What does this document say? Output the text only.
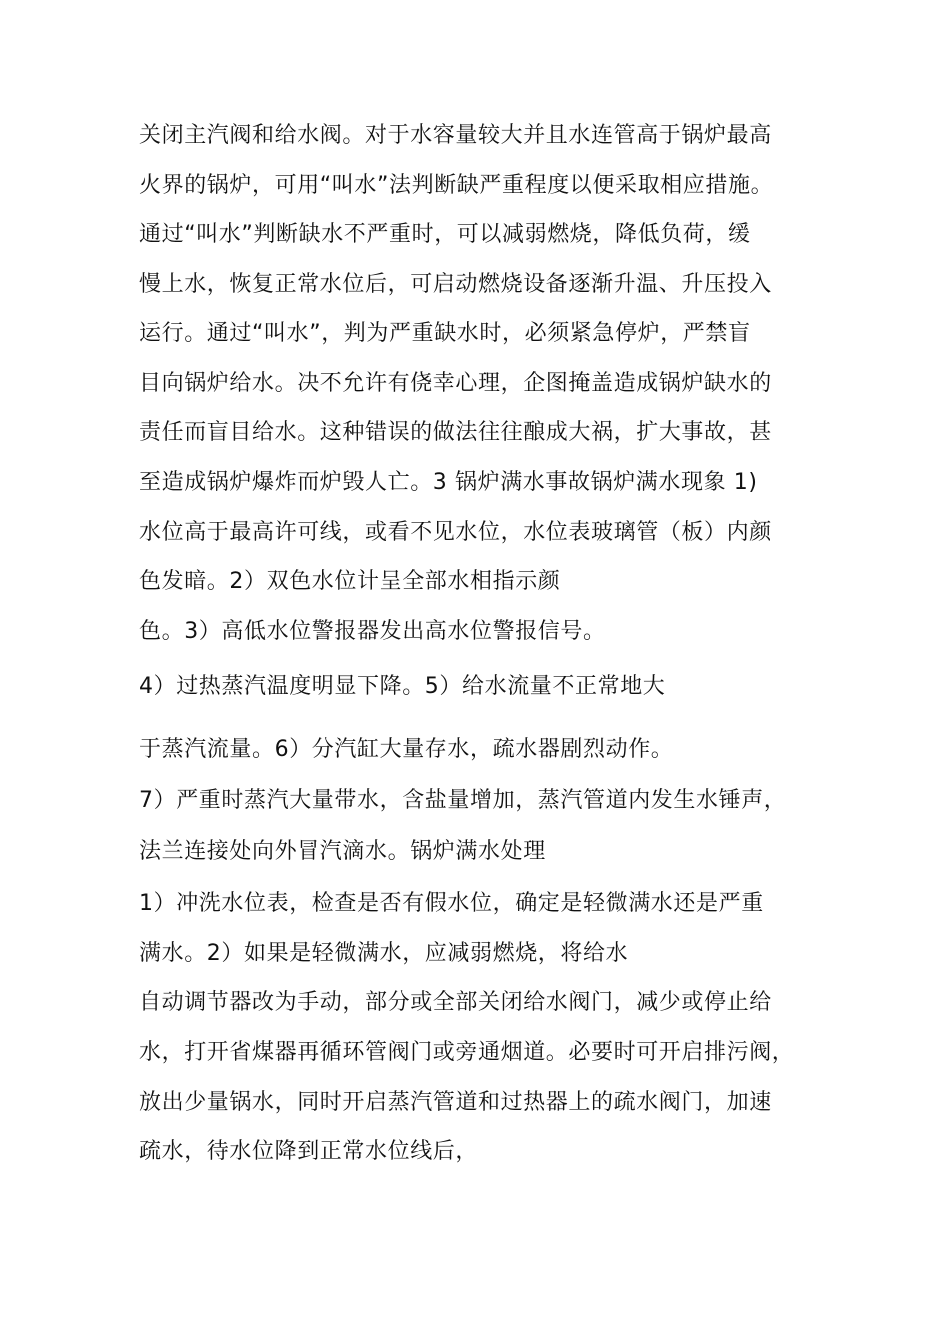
关闭主汽阀和给水阀。对于水容量较大并且水连管高于锅炉最高
火界的锅炉，可用“叫水”法判断缺严重程度以便采取相应措施。
通过“叫水”判断缺水不严重时，可以减弱燃烧，降低负荷，缓
慢上水，恢复正常水位后，可启动燃烧设备逐渐升温、升压投入
运行。通过“叫水”，判为严重缺水时，必须紧急停炉，严禁盲
目向锅炉给水。决不允许有侥幸心理，企图掩盖造成锅炉缺水的
责任而盲目给水。这种错误的做法往往酿成大祸，扩大事故，甚
至造成锅炉爆炸而炉毁人亡。3 锅炉满水事故锅炉满水现象 1)
水位高于最高许可线，或看不见水位，水位表玻璃管（板）内颜
色发暗。2）双色水位计呈全部水相指示颜
色。3）高低水位警报器发出高水位警报信号。
4）过热蒸汽温度明显下降。5）给水流量不正常地大
于蒸汽流量。6）分汽缸大量存水，疏水器剧烈动作。
7）严重时蒸汽大量带水，含盐量增加，蒸汽管道内发生水锤声，
法兰连接处向外冒汽滴水。锅炉满水处理
1）冲洗水位表，检查是否有假水位，确定是轻微满水还是严重
满水。2）如果是轻微满水，应减弱燃烧，将给水
自动调节器改为手动，部分或全部关闭给水阀门，减少或停止给
水，打开省煤器再循环管阀门或旁通烟道。必要时可开启排污阀，
放出少量锅水，同时开启蒸汽管道和过热器上的疏水阀门，加速
疏水，待水位降到正常水位线后，
